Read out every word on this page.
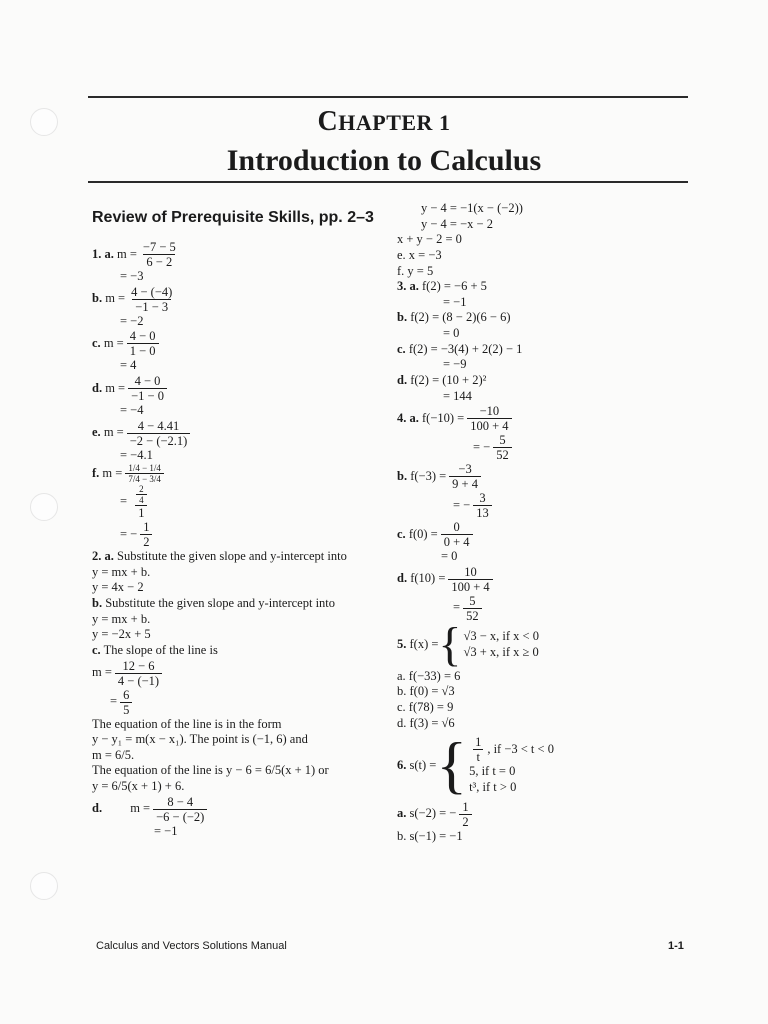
CHAPTER 1
Introduction to Calculus
Review of Prerequisite Skills, pp. 2–3
1. a.
$m = \frac{-7 - 5}{6 - 2}$
= −3
b.
$m = \frac{4 - (-4)}{-1 - 3}$
= −2
c.
$m = \frac{4 - 0}{1 - 0}$
= 4
d.
$m = \frac{4 - 0}{-1 - 0}$
= −4
e.
$m = \frac{4 - 4.41}{-2 - (-2.1)}$
= −4.1
f.
$m = \frac{1/4 - 1/4}{7/4 - 3/4}$
= $\frac{\frac{2}{4}}{1}$
= − $\frac{1}{2}$
2. a. Substitute the given slope and y-intercept into
y = mx + b.
y = 4x − 2
b. Substitute the given slope and y-intercept into
y = mx + b.
y = −2x + 5
c. The slope of the line is
$m = \frac{12 - 6}{4 - (-1)}$
= $\frac{6}{5}$
The equation of the line is in the form
y − y₁ = m(x − x₁). The point is (−1, 6) and
m = 6/5.
The equation of the line is y − 6 = 6/5(x + 1) or
y = 6/5(x + 1) + 6.
d.
$m = \frac{8 - 4}{-6 - (-2)}$
= −1
y − 4 = −1(x − (−2))
y − 4 = −x − 2
x + y − 2 = 0
e. x = −3
f. y = 5
3. a. f(2) = −6 + 5
= −1
b. f(2) = (8 − 2)(6 − 6)
= 0
c. f(2) = −3(4) + 2(2) − 1
= −9
d. f(2) = (10 + 2)²
= 144
4. a.
$f(-10) = \frac{-10}{100 + 4}$
= − $\frac{5}{52}$
b.
$f(-3) = \frac{-3}{9 + 4}$
= − $\frac{3}{13}$
c.
$f(0) = \frac{0}{0 + 4}$
= 0
d.
$f(10) = \frac{10}{100 + 4}$
= $\frac{5}{52}$
5.
f(x) = { √3 − x, if x < 0
√3 + x, if x ≥ 0
a. f(−33) = 6
b. f(0) = √3
c. f(78) = 9
d. f(3) = √6
6.
s(t) = { $\frac{1}{t}$ , if −3 < t < 0
5, if t = 0
t³, if t > 0
a.
s(−2) = − $\frac{1}{2}$
b. s(−1) = −1
Calculus and Vectors Solutions Manual	1-1
